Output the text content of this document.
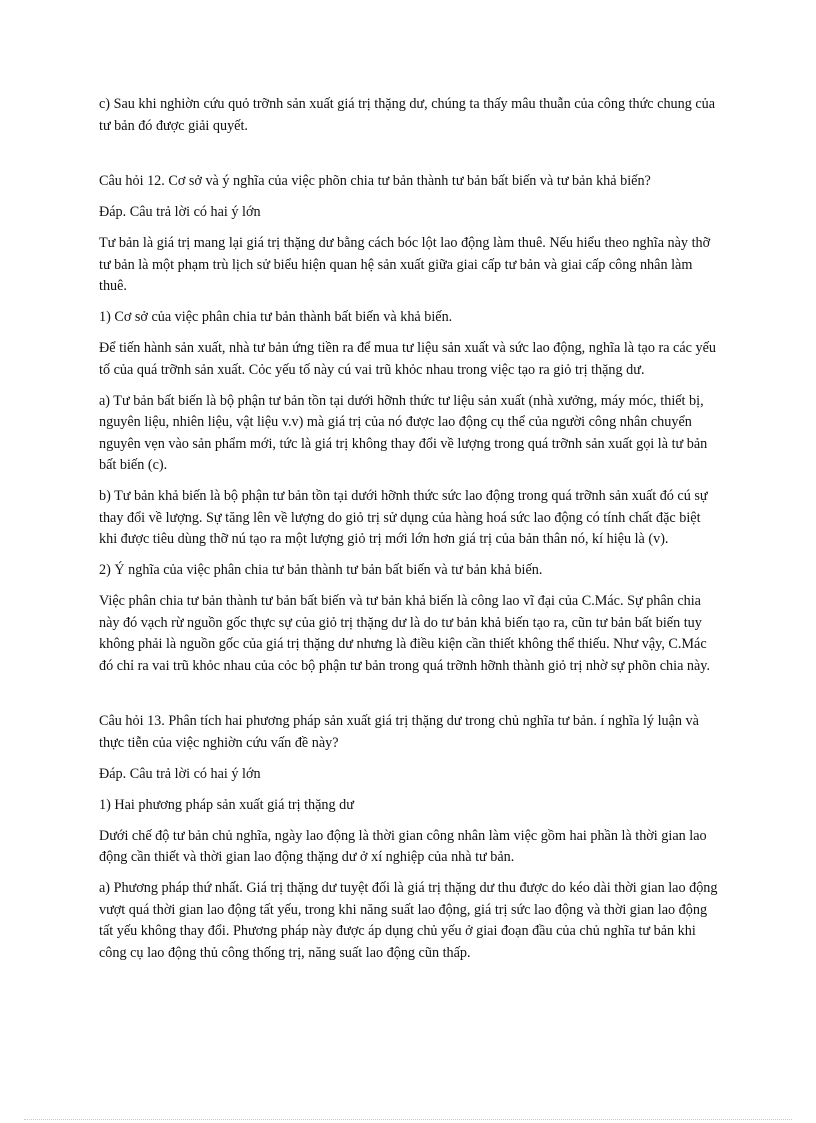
c) Sau khi nghiờn cứu quỏ trỡnh sản xuất giá trị thặng dư, chúng ta thấy mâu thuẫn của công thức chung của tư bản đó được giải quyết.

Câu hỏi 12. Cơ sở và ý nghĩa của việc phõn chia tư bản thành tư bản bất biến và tư bản khả biến?

Đáp. Câu trả lời có hai ý lớn

Tư bản là giá trị mang lại giá trị thặng dư bằng cách bóc lột lao động làm thuê. Nếu hiểu theo nghĩa này thỡ tư bản là một phạm trù lịch sử biểu hiện quan hệ sản xuất giữa giai cấp tư bản và giai cấp công nhân làm thuê.

1) Cơ sở của việc phân chia tư bản thành bất biến và khả biến.

Để tiến hành sản xuất, nhà tư bản ứng tiền ra để mua tư liệu sản xuất và sức lao động, nghĩa là tạo ra các yếu tố của quá trỡnh sản xuất. Cỏc yếu tố này cú vai trũ khỏc nhau trong việc tạo ra giỏ trị thặng dư.

a) Tư bản bất biến là bộ phận tư bản tồn tại dưới hỡnh thức tư liệu sản xuất (nhà xưởng, máy móc, thiết bị, nguyên liệu, nhiên liệu, vật liệu v.v) mà giá trị của nó được lao động cụ thể của người công nhân chuyển nguyên vẹn vào sản phẩm mới, tức là giá trị không thay đổi về lượng trong quá trỡnh sản xuất gọi là tư bản bất biến (c).

b) Tư bản khả biến là bộ phận tư bản tồn tại dưới hỡnh thức sức lao động trong quá trỡnh sản xuất đó cú sự thay đổi về lượng. Sự tăng lên về lượng do giỏ trị sử dụng của hàng hoá sức lao động có tính chất đặc biệt khi được tiêu dùng thỡ nú tạo ra một lượng giỏ trị mới lớn hơn giá trị của bản thân nó, kí hiệu là (v).

2) Ý nghĩa của việc phân chia tư bản thành tư bản bất biến và tư bản khả biến.

Việc phân chia tư bản thành tư bản bất biến và tư bản khả biến là công lao vĩ đại của C.Mác. Sự phân chia này đó vạch rừ nguồn gốc thực sự của giỏ trị thặng dư là do tư bản khả biến tạo ra, cũn tư bản bất biến tuy không phải là nguồn gốc của giá trị thặng dư nhưng là điều kiện cần thiết không thể thiếu. Như vậy, C.Mác đó chỉ ra vai trũ khỏc nhau của cỏc bộ phận tư bản trong quá trỡnh hỡnh thành giỏ trị nhờ sự phõn chia này.

Câu hỏi 13. Phân tích hai phương pháp sản xuất giá trị thặng dư trong chủ nghĩa tư bản. í nghĩa lý luận và thực tiễn của việc nghiờn cứu vấn đề này?

Đáp. Câu trả lời có hai ý lớn

1) Hai phương pháp sản xuất giá trị thặng dư

Dưới chế độ tư bản chủ nghĩa, ngày lao động là thời gian công nhân làm việc gồm hai phần là thời gian lao động cần thiết và thời gian lao động thặng dư ở xí nghiệp của nhà tư bản.

a) Phương pháp thứ nhất. Giá trị thặng dư tuyệt đối là giá trị thặng dư thu được do kéo dài thời gian lao động vượt quá thời gian lao động tất yếu, trong khi năng suất lao động, giá trị sức lao động và thời gian lao động tất yếu không thay đổi. Phương pháp này được áp dụng chủ yếu ở giai đoạn đầu của chủ nghĩa tư bản khi công cụ lao động thủ công thống trị, năng suất lao động cũn thấp.
